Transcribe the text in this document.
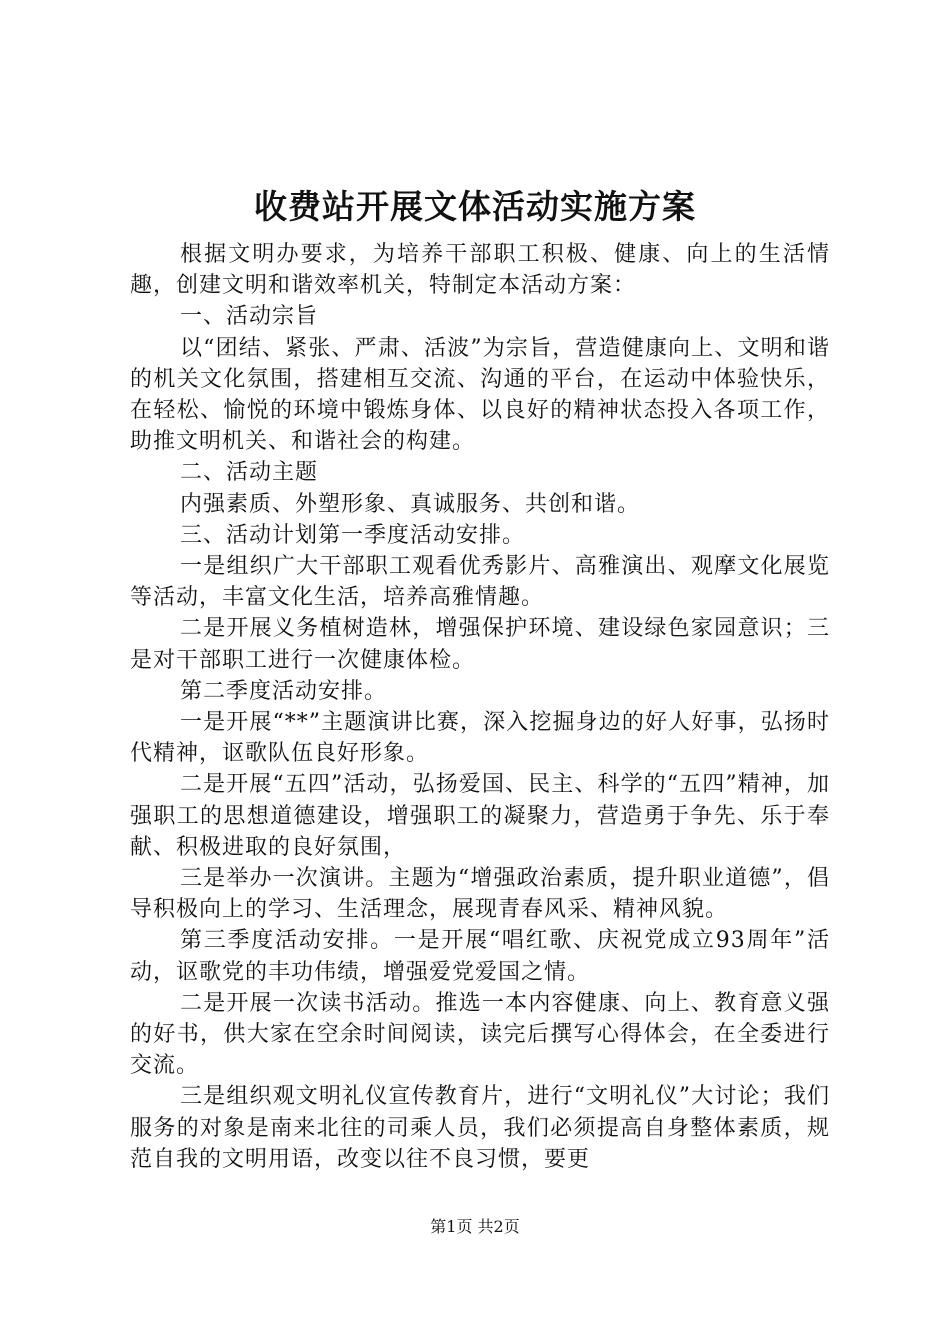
收费站开展文体活动实施方案

根据文明办要求，为培养干部职工积极、健康、向上的生活情趣，创建文明和谐效率机关，特制定本活动方案：

一、活动宗旨

以“团结、紧张、严肃、活波”为宗旨，营造健康向上、文明和谐的机关文化氛围，搭建相互交流、沟通的平台，在运动中体验快乐，在轻松、愉悦的环境中锻炼身体、以良好的精神状态投入各项工作，助推文明机关、和谐社会的构建。

二、活动主题

内强素质、外塑形象、真诚服务、共创和谐。

三、活动计划第一季度活动安排。

一是组织广大干部职工观看优秀影片、高雅演出、观摩文化展览等活动，丰富文化生活，培养高雅情趣。

二是开展义务植树造林，增强保护环境、建设绿色家园意识；三是对干部职工进行一次健康体检。

第二季度活动安排。

一是开展“**”主题演讲比赛，深入挖掘身边的好人好事，弘扬时代精神，讴歌队伍良好形象。

二是开展“五四”活动，弘扬爱国、民主、科学的“五四”精神，加强职工的思想道德建设，增强职工的凝聚力，营造勇于争先、乐于奉献、积极进取的良好氛围，

三是举办一次演讲。主题为“增强政治素质，提升职业道德”，倡导积极向上的学习、生活理念，展现青春风采、精神风貌。

第三季度活动安排。一是开展“唱红歌、庆祝党成立93周年”活动，讴歌党的丰功伟绩，增强爱党爱国之情。

二是开展一次读书活动。推选一本内容健康、向上、教育意义强的好书，供大家在空余时间阅读，读完后撰写心得体会，在全委进行交流。

三是组织观文明礼仪宣传教育片，进行“文明礼仪”大讨论；我们服务的对象是南来北往的司乘人员，我们必须提高自身整体素质，规范自我的文明用语，改变以往不良习惯，要更

第1页 共2页
